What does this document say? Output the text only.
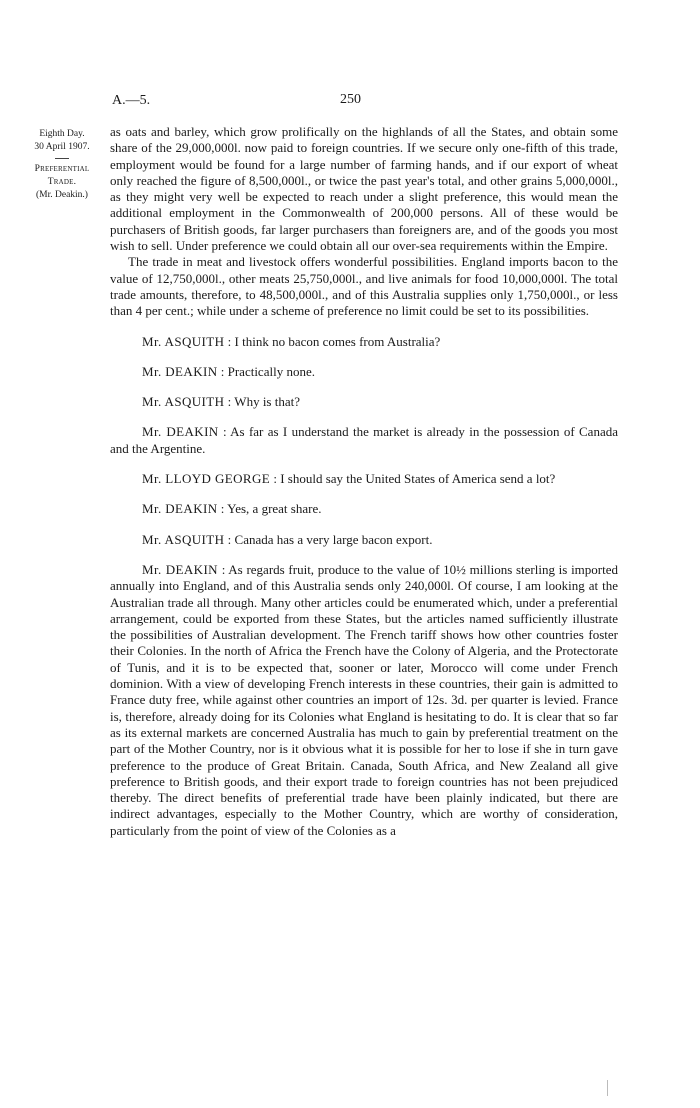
A.—5.	250
Eighth Day.
30 April 1907.
Preferential
Trade.
(Mr. Deakin.)

as oats and barley, which grow prolifically on the highlands of all the States, and obtain some share of the 29,000,000l. now paid to foreign countries. If we secure only one-fifth of this trade, employment would be found for a large number of farming hands, and if our export of wheat only reached the figure of 8,500,000l., or twice the past year's total, and other grains 5,000,000l., as they might very well be expected to reach under a slight preference, this would mean the additional employment in the Commonwealth of 200,000 persons. All of these would be purchasers of British goods, far larger purchasers than foreigners are, and of the goods you most wish to sell. Under preference we could obtain all our over-sea requirements within the Empire.

The trade in meat and livestock offers wonderful possibilities. England imports bacon to the value of 12,750,000l., other meats 25,750,000l., and live animals for food 10,000,000l. The total trade amounts, therefore, to 48,500,000l., and of this Australia supplies only 1,750,000l., or less than 4 per cent.; while under a scheme of preference no limit could be set to its possibilities.

Mr. ASQUITH : I think no bacon comes from Australia?

Mr. DEAKIN : Practically none.

Mr. ASQUITH : Why is that?

Mr. DEAKIN : As far as I understand the market is already in the possession of Canada and the Argentine.

Mr. LLOYD GEORGE : I should say the United States of America send a lot?

Mr. DEAKIN : Yes, a great share.

Mr. ASQUITH : Canada has a very large bacon export.

Mr. DEAKIN : As regards fruit, produce to the value of 10½ millions sterling is imported annually into England, and of this Australia sends only 240,000l. Of course, I am looking at the Australian trade all through. Many other articles could be enumerated which, under a preferential arrangement, could be exported from these States, but the articles named sufficiently illustrate the possibilities of Australian development. The French tariff shows how other countries foster their Colonies. In the north of Africa the French have the Colony of Algeria, and the Protectorate of Tunis, and it is to be expected that, sooner or later, Morocco will come under French dominion. With a view of developing French interests in these countries, their gain is admitted to France duty free, while against other countries an import of 12s. 3d. per quarter is levied. France is, therefore, already doing for its Colonies what England is hesitating to do. It is clear that so far as its external markets are concerned Australia has much to gain by preferential treatment on the part of the Mother Country, nor is it obvious what it is possible for her to lose if she in turn gave preference to the produce of Great Britain. Canada, South Africa, and New Zealand all give preference to British goods, and their export trade to foreign countries has not been prejudiced thereby. The direct benefits of preferential trade have been plainly indicated, but there are indirect advantages, especially to the Mother Country, which are worthy of consideration, particularly from the point of view of the Colonies as a
